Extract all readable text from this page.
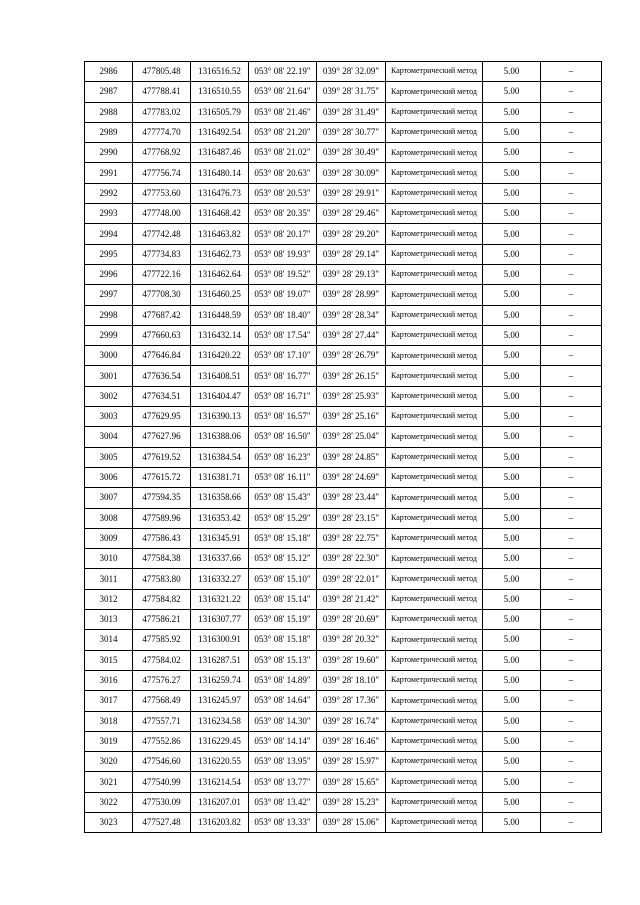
2986	477805.48	1316516.52	053° 08' 22.19"	039° 28' 32.09"	Картометрический метод	5.00	–
2987	477788.41	1316510.55	053° 08' 21.64"	039° 28' 31.75"	Картометрический метод	5.00	–
2988	477783.02	1316505.79	053° 08' 21.46"	039° 28' 31.49"	Картометрический метод	5.00	–
2989	477774.70	1316492.54	053° 08' 21.20"	039° 28' 30.77"	Картометрический метод	5.00	–
2990	477768.92	1316487.46	053° 08' 21.02"	039° 28' 30.49"	Картометрический метод	5.00	–
2991	477756.74	1316480.14	053° 08' 20.63"	039° 28' 30.09"	Картометрический метод	5.00	–
2992	477753.60	1316476.73	053° 08' 20.53"	039° 28' 29.91"	Картометрический метод	5.00	–
2993	477748.00	1316468.42	053° 08' 20.35"	039° 28' 29.46"	Картометрический метод	5.00	–
2994	477742.48	1316463.82	053° 08' 20.17"	039° 28' 29.20"	Картометрический метод	5.00	–
2995	477734.83	1316462.73	053° 08' 19.93"	039° 28' 29.14"	Картометрический метод	5.00	–
2996	477722.16	1316462.64	053° 08' 19.52"	039° 28' 29.13"	Картометрический метод	5.00	–
2997	477708.30	1316460.25	053° 08' 19.07"	039° 28' 28.99"	Картометрический метод	5.00	–
2998	477687.42	1316448.59	053° 08' 18.40"	039° 28' 28.34"	Картометрический метод	5.00	–
2999	477660.63	1316432.14	053° 08' 17.54"	039° 28' 27.44"	Картометрический метод	5.00	–
3000	477646.84	1316420.22	053° 08' 17.10"	039° 28' 26.79"	Картометрический метод	5.00	–
3001	477636.54	1316408.51	053° 08' 16.77"	039° 28' 26.15"	Картометрический метод	5.00	–
3002	477634.51	1316404.47	053° 08' 16.71"	039° 28' 25.93"	Картометрический метод	5.00	–
3003	477629.95	1316390.13	053° 08' 16.57"	039° 28' 25.16"	Картометрический метод	5.00	–
3004	477627.96	1316388.06	053° 08' 16.50"	039° 28' 25.04"	Картометрический метод	5.00	–
3005	477619.52	1316384.54	053° 08' 16.23"	039° 28' 24.85"	Картометрический метод	5.00	–
3006	477615.72	1316381.71	053° 08' 16.11"	039° 28' 24.69"	Картометрический метод	5.00	–
3007	477594.35	1316358.66	053° 08' 15.43"	039° 28' 23.44"	Картометрический метод	5.00	–
3008	477589.96	1316353.42	053° 08' 15.29"	039° 28' 23.15"	Картометрический метод	5.00	–
3009	477586.43	1316345.91	053° 08' 15.18"	039° 28' 22.75"	Картометрический метод	5.00	–
3010	477584.38	1316337.66	053° 08' 15.12"	039° 28' 22.30"	Картометрический метод	5.00	–
3011	477583.80	1316332.27	053° 08' 15.10"	039° 28' 22.01"	Картометрический метод	5.00	–
3012	477584.82	1316321.22	053° 08' 15.14"	039° 28' 21.42"	Картометрический метод	5.00	–
3013	477586.21	1316307.77	053° 08' 15.19"	039° 28' 20.69"	Картометрический метод	5.00	–
3014	477585.92	1316300.91	053° 08' 15.18"	039° 28' 20.32"	Картометрический метод	5.00	–
3015	477584.02	1316287.51	053° 08' 15.13"	039° 28' 19.60"	Картометрический метод	5.00	–
3016	477576.27	1316259.74	053° 08' 14.89"	039° 28' 18.10"	Картометрический метод	5.00	–
3017	477568.49	1316245.97	053° 08' 14.64"	039° 28' 17.36"	Картометрический метод	5.00	–
3018	477557.71	1316234.58	053° 08' 14.30"	039° 28' 16.74"	Картометрический метод	5.00	–
3019	477552.86	1316229.45	053° 08' 14.14"	039° 28' 16.46"	Картометрический метод	5.00	–
3020	477546.60	1316220.55	053° 08' 13.95"	039° 28' 15.97"	Картометрический метод	5.00	–
3021	477540.99	1316214.54	053° 08' 13.77"	039° 28' 15.65"	Картометрический метод	5.00	–
3022	477530.09	1316207.01	053° 08' 13.42"	039° 28' 15.23"	Картометрический метод	5.00	–
3023	477527.48	1316203.82	053° 08' 13.33"	039° 28' 15.06"	Картометрический метод	5.00	–
